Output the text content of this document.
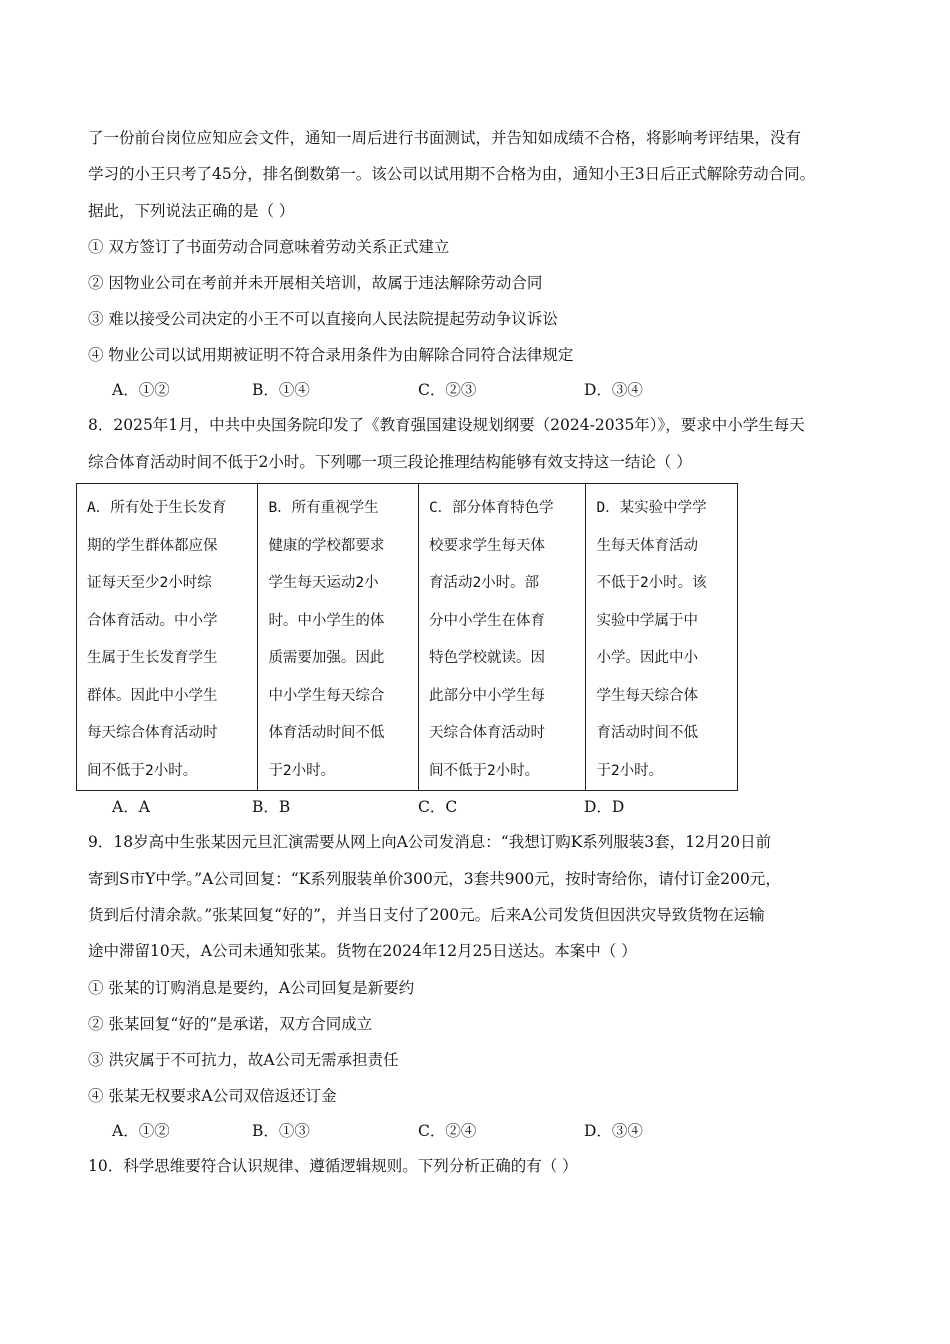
了一份前台岗位应知应会文件，通知一周后进行书面测试，并告知如成绩不合格，将影响考评结果，没有
学习的小王只考了45分，排名倒数第一。该公司以试用期不合格为由，通知小王3日后正式解除劳动合同。
据此，下列说法正确的是（ ）
① 双方签订了书面劳动合同意味着劳动关系正式建立
② 因物业公司在考前并未开展相关培训，故属于违法解除劳动合同
③ 难以接受公司决定的小王不可以直接向人民法院提起劳动争议诉讼
④ 物业公司以试用期被证明不符合录用条件为由解除合同符合法律规定
A．①②	B．①④	C．②③	D．③④
8．2025年1月，中共中央国务院印发了《教育强国建设规划纲要（2024-2035年）》，要求中小学生每天
综合体育活动时间不低于2小时。下列哪一项三段论推理结构能够有效支持这一结论（ ）
A．所有处于生长发育
期的学生群体都应保
证每天至少2小时综
合体育活动。中小学
生属于生长发育学生
群体。因此中小学生
每天综合体育活动时
间不低于2小时。
B．所有重视学生
健康的学校都要求
学生每天运动2小
时。中小学生的体
质需要加强。因此
中小学生每天综合
体育活动时间不低
于2小时。
C．部分体育特色学
校要求学生每天体
育活动2小时。部
分中小学生在体育
特色学校就读。因
此部分中小学生每
天综合体育活动时
间不低于2小时。
D．某实验中学学
生每天体育活动
不低于2小时。该
实验中学属于中
小学。因此中小
学生每天综合体
育活动时间不低
于2小时。
A．A	B．B	C．C	D．D
9．18岁高中生张某因元旦汇演需要从网上向A公司发消息：“我想订购K系列服装3套，12月20日前
寄到S市Y中学。”A公司回复：“K系列服装单价300元，3套共900元，按时寄给你，请付订金200元，
货到后付清余款。”张某回复“好的”，并当日支付了200元。后来A公司发货但因洪灾导致货物在运输
途中滞留10天，A公司未通知张某。货物在2024年12月25日送达。本案中（ ）
① 张某的订购消息是要约，A公司回复是新要约
② 张某回复“好的”是承诺，双方合同成立
③ 洪灾属于不可抗力，故A公司无需承担责任
④ 张某无权要求A公司双倍返还订金
A．①②	B．①③	C．②④	D．③④
10．科学思维要符合认识规律、遵循逻辑规则。下列分析正确的有（ ）
